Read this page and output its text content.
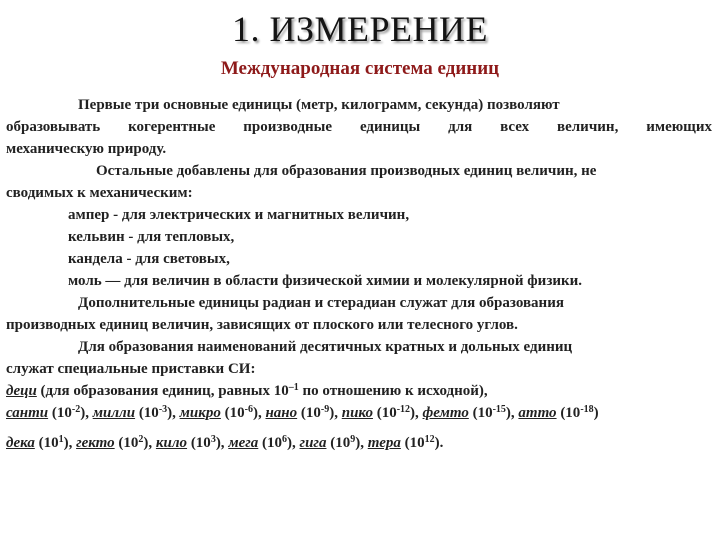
1. ИЗМЕРЕНИЕ
Международная система единиц
Первые три основные единицы (метр, килограмм, секунда) позволяют
образовывать когерентные производные единицы для всех величин, имеющих
механическую природу.
Остальные добавлены для образования производных единиц величин, не
сводимых к механическим:
ампер - для электрических и магнитных величин,
кельвин - для тепловых,
кандела - для световых,
моль — для величин в области физической химии и молекулярной физики.
Дополнительные единицы радиан и стерадиан служат для образования
производных единиц величин, зависящих от плоского или телесного углов.
Для образования наименований десятичных кратных и дольных единиц
служат специальные приставки СИ:
деци (для образования единиц, равных $10^{-1}$ по отношению к исходной),
санти $(10^{-2})$, милли $(10^{-3})$, микро $(10^{-6})$, нано $(10^{-9})$, пико $(10^{-12})$, фемто $(10^{-15})$, атто $(10^{-18})$
дека $(10^1)$, гекто $(10^2)$, кило $(10^3)$, мега $(10^6)$, гига $(10^9)$, тера $(10^{12})$.
